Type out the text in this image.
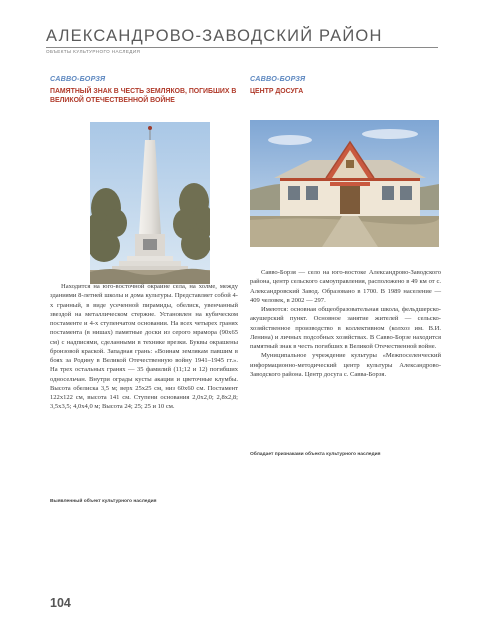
АЛЕКСАНДРОВО-ЗАВОДСКИЙ РАЙОН
ОБЪЕКТЫ КУЛЬТУРНОГО НАСЛЕДИЯ
САВВО-БОРЗЯ
ПАМЯТНЫЙ ЗНАК В ЧЕСТЬ ЗЕМЛЯКОВ, ПОГИБШИХ В ВЕЛИКОЙ ОТЕЧЕСТВЕННОЙ ВОЙНЕ
САВВО-БОРЗЯ
ЦЕНТР ДОСУГА

Находится на юго-восточной окраине села, на холме, между зданиями 8-летней школы и дома культуры. Представляет собой 4-х гранный, в виде усеченной пирамиды, обелиск, увенчанный звездой на металлическом стержне. Установлен на кубическом постаменте и 4-х ступенчатом основании. На всех четырех гранях постамента (в нишах) памятные доски из серого мрамора (90х65 см) с надписями, сделанными в технике врезки. Буквы окрашены бронзовой краской. Западная грань: «Воинам землякам павшим в боях за Родину в Великой Отечественную войну 1941–1945 гг.». На трех остальных гранях — 35 фамилий (11;12 и 12) погибших односельчан. Внутри ограды кусты акации и цветочные клумбы. Высота обелиска 3,5 м; верх 25х25 см, низ 60х60 см. Постамент 122х122 см, высота 141 см. Ступени основания 2,0х2,0; 2,8х2,8; 3,5х3,5; 4,0х4,0 м; Высота 24; 25; 25 и 10 см.

Савво-Борзя — село на юго-востоке Александрово-Заводского района, центр сельского самоуправления, расположено в 49 км от с. Александровский Завод. Образовано в 1700. В 1989 население — 409 человек, в 2002 — 297.

Имеются: основная общеобразовательная школа, фельдшерско-акушерский пункт. Основное занятие жителей — сельско-хозяйственное производство в коллективном (колхоз им. В.И. Ленина) и личных подсобных хозяйствах. В Савво-Борзе находится памятный знак в честь погибших в Великой Отечественной войне.

Муниципальное учреждение культуры «Межпоселенческий информационно-методический центр культуры Александрово-Заводского района. Центр досуга с. Савва-Борзя.

Выявленный объект культурного наследия
Обладает признаками объекта культурного наследия
104
